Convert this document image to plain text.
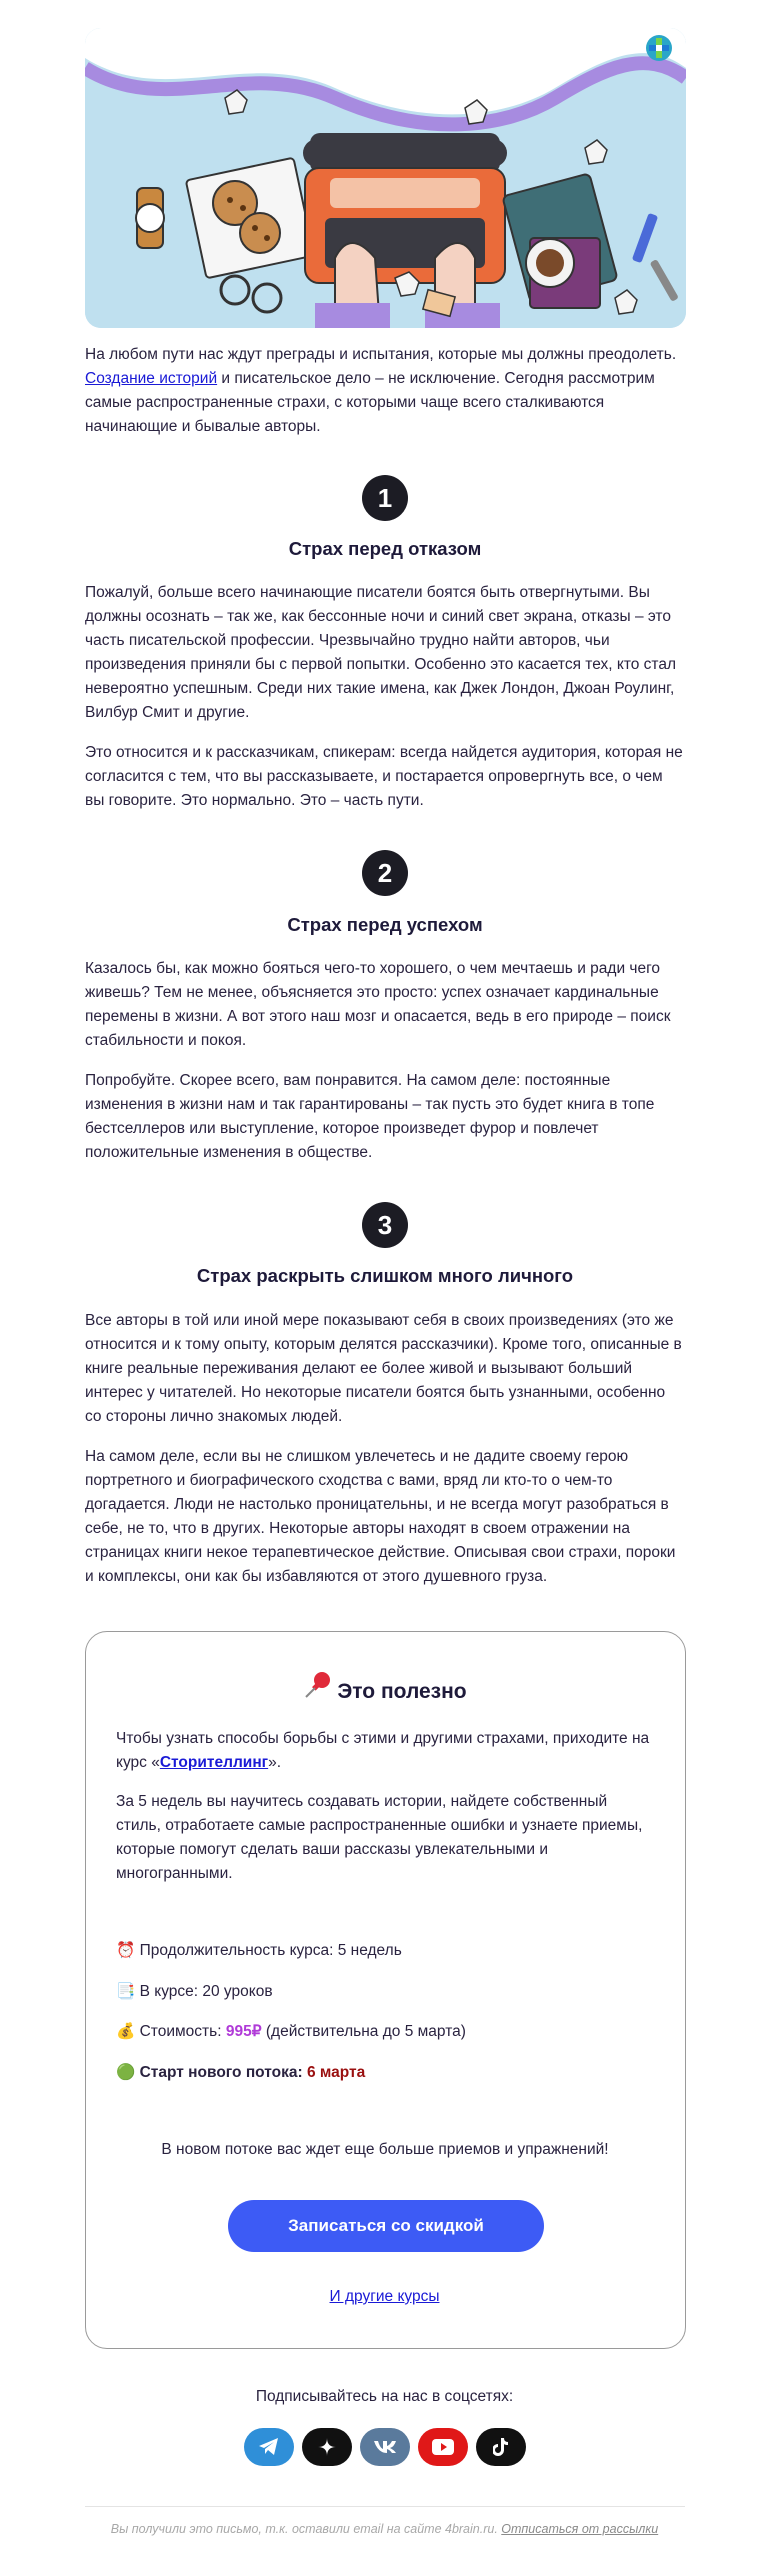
На любом пути нас ждут преграды и испытания, которые мы должны преодолеть. Создание историй и писательское дело – не исключение. Сегодня рассмотрим самые распространенные страхи, с которыми чаще всего сталкиваются начинающие и бывалые авторы.

1
Страх перед отказом

Пожалуй, больше всего начинающие писатели боятся быть отвергнутыми. Вы должны осознать – так же, как бессонные ночи и синий свет экрана, отказы – это часть писательской профессии. Чрезвычайно трудно найти авторов, чьи произведения приняли бы с первой попытки. Особенно это касается тех, кто стал невероятно успешным. Среди них такие имена, как Джек Лондон, Джоан Роулинг, Вилбур Смит и другие.

Это относится и к рассказчикам, спикерам: всегда найдется аудитория, которая не согласится с тем, что вы рассказываете, и постарается опровергнуть все, о чем вы говорите. Это нормально. Это – часть пути.

2
Страх перед успехом

Казалось бы, как можно бояться чего-то хорошего, о чем мечтаешь и ради чего живешь? Тем не менее, объясняется это просто: успех означает кардинальные перемены в жизни. А вот этого наш мозг и опасается, ведь в его природе – поиск стабильности и покоя.

Попробуйте. Скорее всего, вам понравится. На самом деле: постоянные изменения в жизни нам и так гарантированы – так пусть это будет книга в топе бестселлеров или выступление, которое произведет фурор и повлечет положительные изменения в обществе.

3
Страх раскрыть слишком много личного

Все авторы в той или иной мере показывают себя в своих произведениях (это же относится и к тому опыту, которым делятся рассказчики). Кроме того, описанные в книге реальные переживания делают ее более живой и вызывают больший интерес у читателей. Но некоторые писатели боятся быть узнанными, особенно со стороны лично знакомых людей.

На самом деле, если вы не слишком увлечетесь и не дадите своему герою портретного и биографического сходства с вами, вряд ли кто-то о чем-то догадается. Люди не настолько проницательны, и не всегда могут разобраться в себе, не то, что в других. Некоторые авторы находят в своем отражении на страницах книги некое терапевтическое действие. Описывая свои страхи, пороки и комплексы, они как бы избавляются от этого душевного груза.

Это полезно

Чтобы узнать способы борьбы с этими и другими страхами, приходите на курс «Сторителлинг».

За 5 недель вы научитесь создавать истории, найдете собственный стиль, отработаете самые распространенные ошибки и узнаете приемы, которые помогут сделать ваши рассказы увлекательными и многогранными.

⏰ Продолжительность курса: 5 недель

📑 В курсе: 20 уроков

💰 Стоимость: 995₽ (действительна до 5 марта)

🟢 Старт нового потока: 6 марта

В новом потоке вас ждет еще больше приемов и упражнений!

Записаться со скидкой
И другие курсы
Подписывайтесь на нас в соцсетях:
Вы получили это письмо, т.к. оставили email на сайте 4brain.ru. Отписаться от рассылки
